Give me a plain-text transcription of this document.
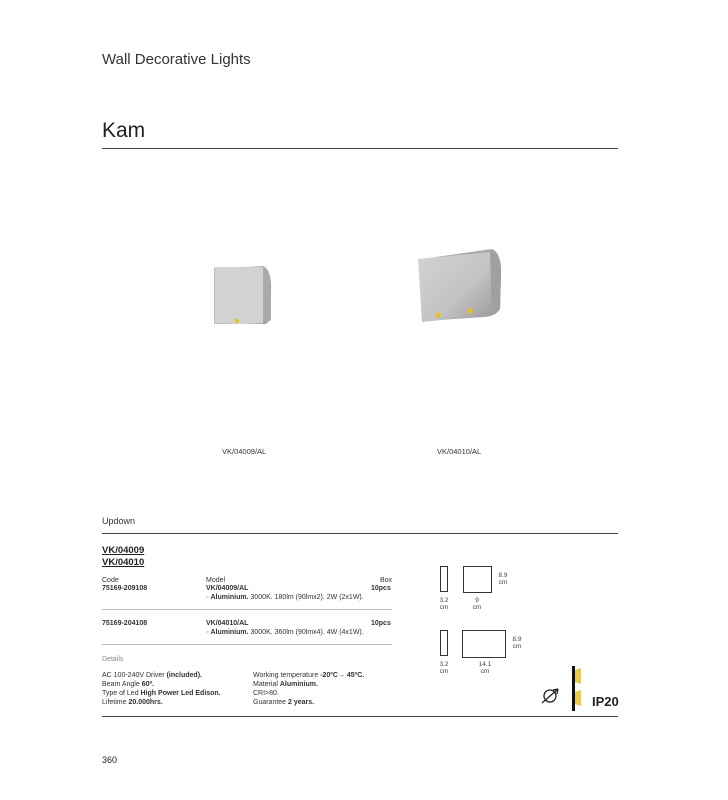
Wall Decorative Lights
Kam
VK/04009/AL	VK/04010/AL
Updown
VK/04009
VK/04010
Code	Model	Box
75169-209108	VK/04009/AL	10pcs
▫ Aluminium. 3000K. 180lm (90lmx2). 2W (2x1W).
75169-204108	VK/04010/AL	10pcs
▫ Aluminium. 3000K. 360lm (90lmx4). 4W (4x1W).
3.2
cm
9
cm
8.9
cm
3.2
cm
14.1
cm
8.9
cm
Details
AC 100-240V Driver (included).
Beam Angle 60º.
Type of Led High Power Led Edison.
Lifetime 20.000hrs.
Working temperature -20ºC→ 45ºC.
Material Aluminium.
CRI>80.
Guarantee 2 years.	IP20
360
